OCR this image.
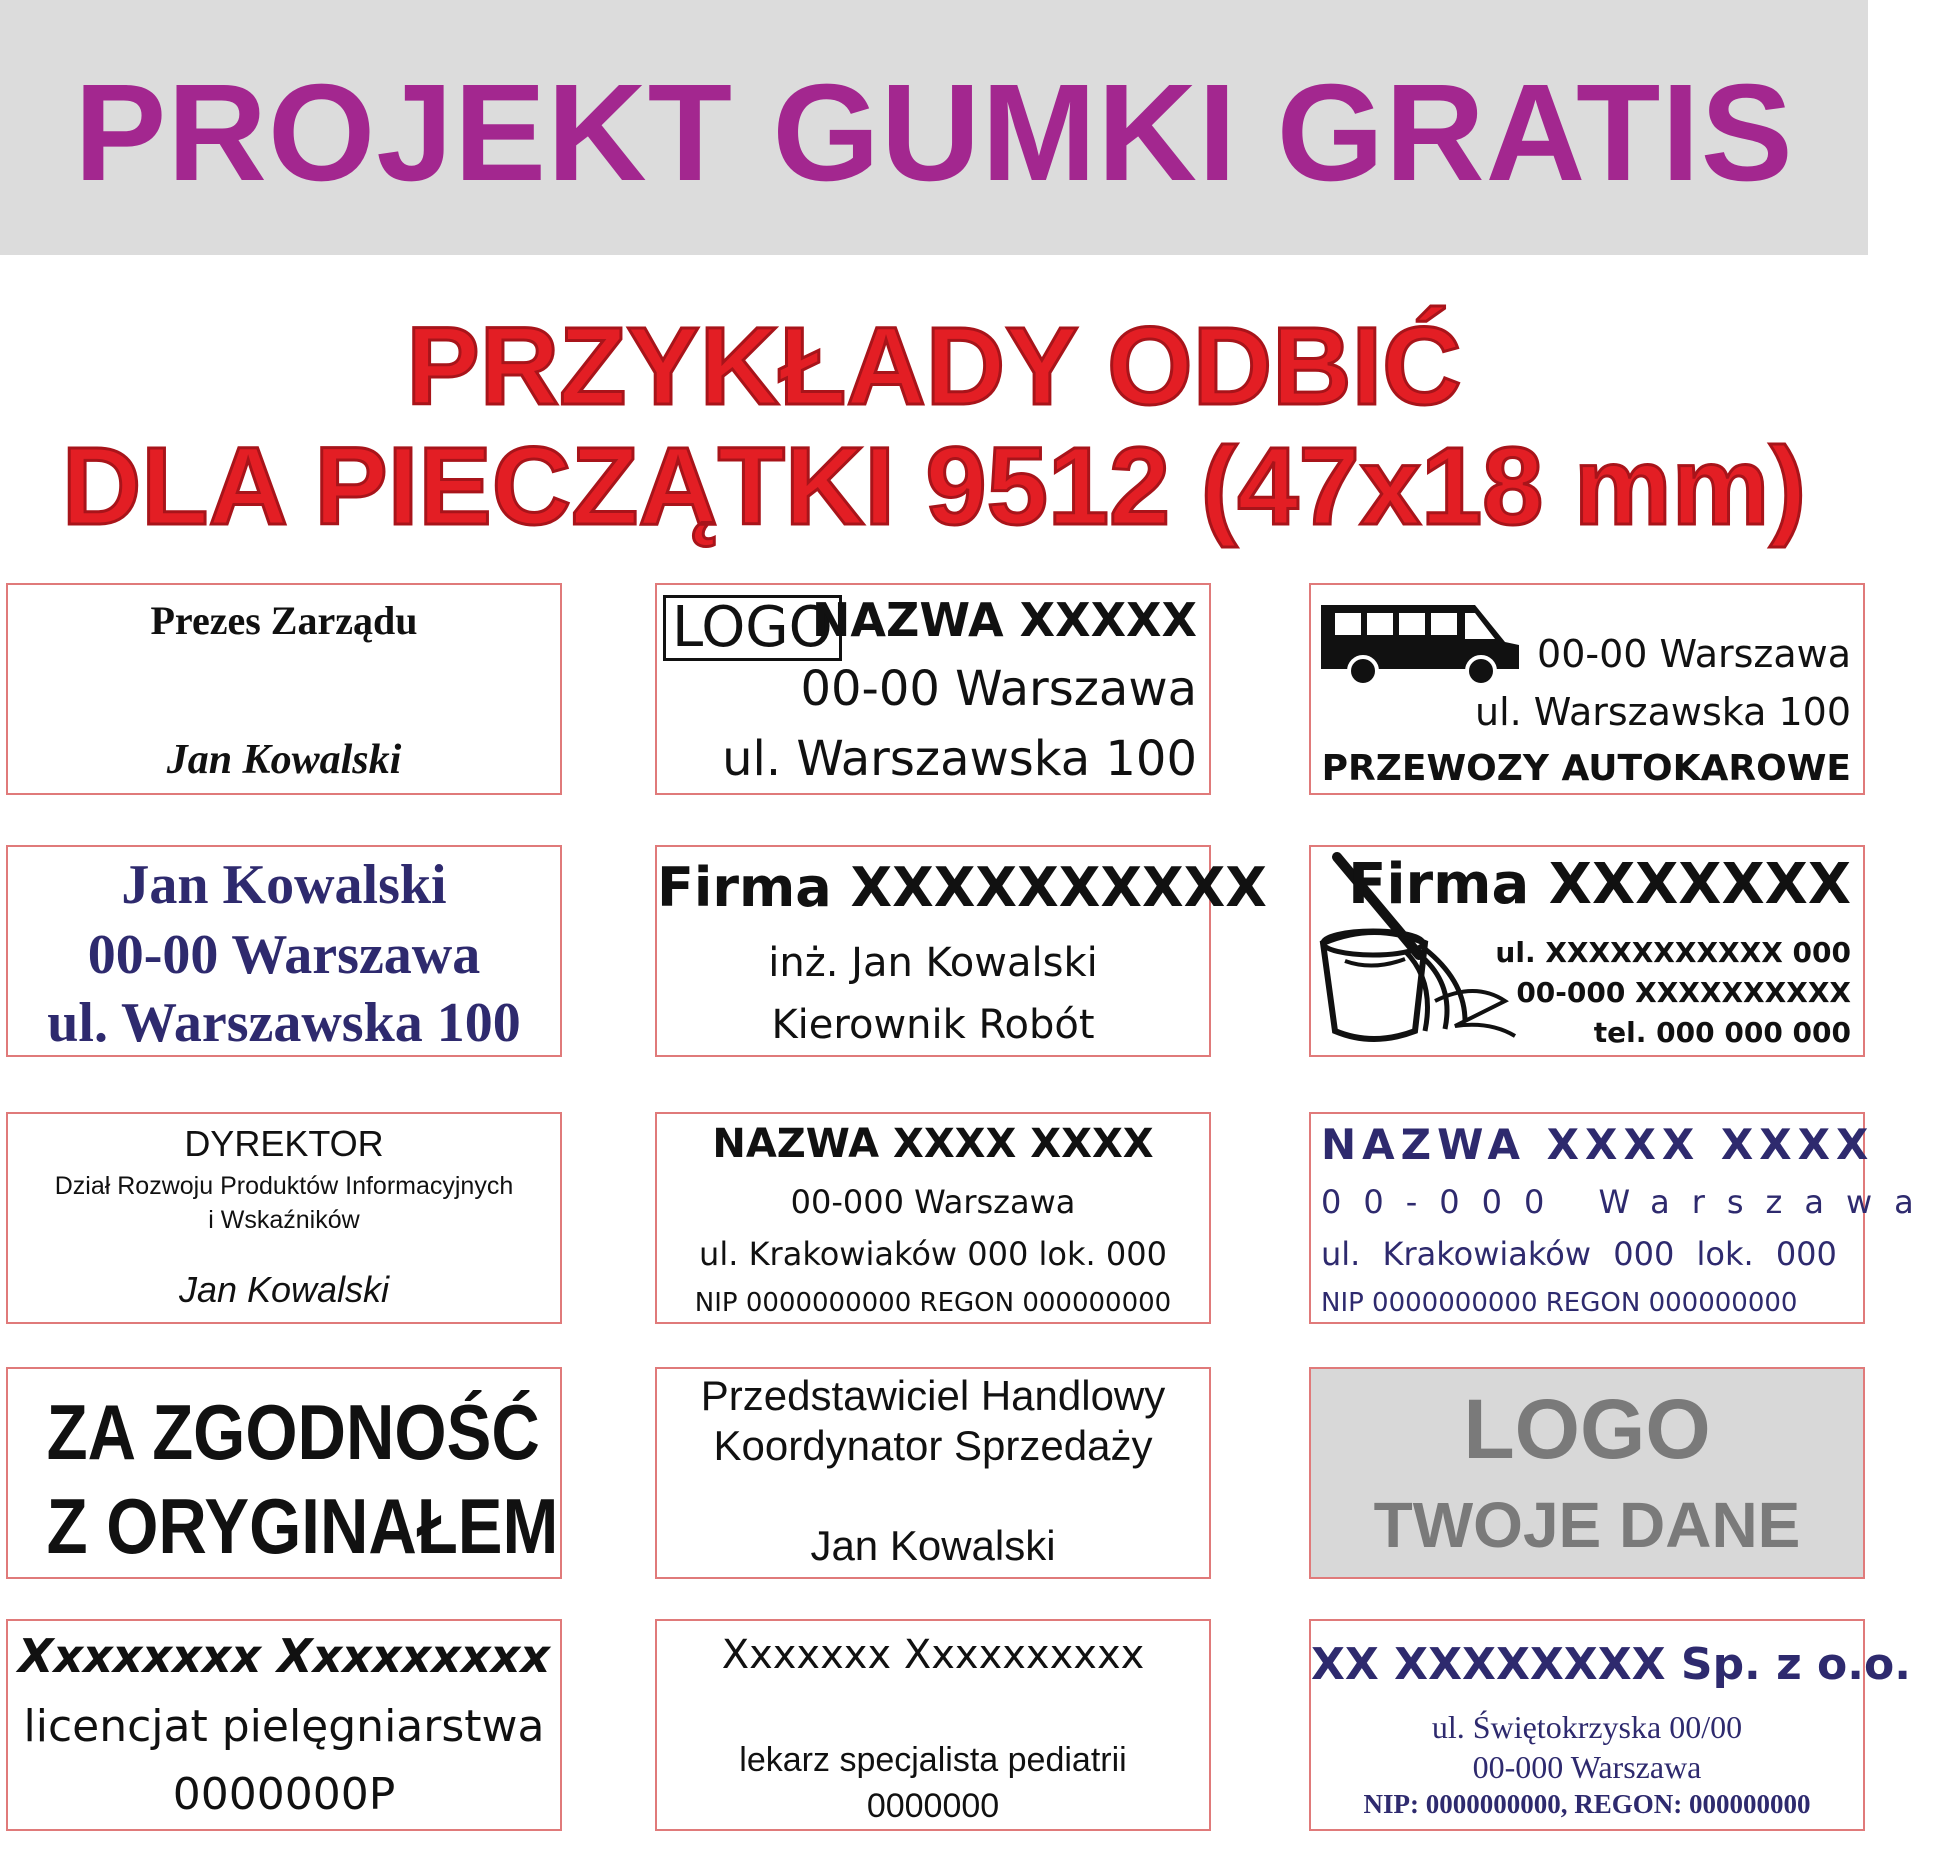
PROJEKT GUMKI GRATIS
PRZYKŁADY ODBIĆ
DLA PIECZĄTKI 9512 (47x18 mm)
Prezes Zarządu
Jan Kowalski
LOGO
NAZWA XXXXX
00-00 Warszawa
ul. Warszawska 100
00-00 Warszawa
ul. Warszawska 100
PRZEWOZY AUTOKAROWE
Jan Kowalski
00-00 Warszawa
ul. Warszawska 100
Firma XXXXXXXXXX
inż. Jan Kowalski
Kierownik Robót
Firma XXXXXXX
ul. XXXXXXXXXXX 000
00-000 XXXXXXXXXX
tel. 000 000 000
DYREKTOR
Dział Rozwoju Produktów Informacyjnych
i Wskaźników
Jan Kowalski
NAZWA XXXX XXXX
00-000 Warszawa
ul. Krakowiaków 000 lok. 000
NIP 0000000000 REGON 000000000
NAZWA XXXX XXXX
00-000 Warszawa
ul. Krakowiaków 000 lok. 000
NIP 0000000000 REGON 000000000
ZA ZGODNOŚĆ
Z ORYGINAŁEM
Przedstawiciel Handlowy
Koordynator Sprzedaży
Jan Kowalski
LOGO
TWOJE DANE
Xxxxxxxx Xxxxxxxxx
licencjat pielęgniarstwa
0000000P
Xxxxxxx Xxxxxxxxxx
lekarz specjalista pediatrii
0000000
XX XXXXXXXX Sp. z o.o.
ul. Świętokrzyska 00/00
00-000 Warszawa
NIP: 0000000000, REGON: 000000000
